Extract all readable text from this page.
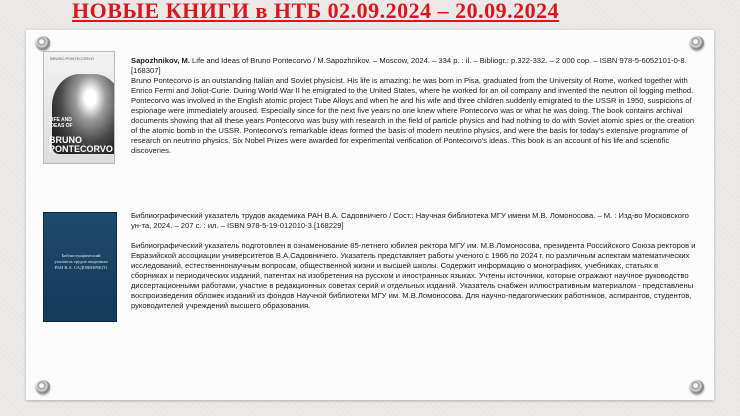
НОВЫЕ КНИГИ в НТБ 02.09.2024 – 20.09.2024
BRUNO PONTECORVO
LIFE AND IDEAS OF
BRUNO PONTECORVO

Sapozhnikov, M. Life and Ideas of Bruno Pontecorvo / M.Sapozhnikov. – Moscow, 2024. – 334 p. : il. – Bibliogr.: p.322-332. – 2 000 cop. – ISBN 978-5-6052101-0-8.[168307]

Bruno Pontecorvo is an outstanding Italian and Soviet physicist. His life is amazing: he was born in Pisa, graduated from the University of Rome, worked together with Enrico Fermi and Joliot-Curie. During World War II he emigrated to the United States, where he worked for an oil company and invented the neutron oil logging method. Pontecorvo was involved in the English atomic project Tube Alloys and when he and his wife and three children suddenly emigrated to the USSR in 1950, suspicions of espionage were immediately aroused. Especially since for the next five years no one knew where Pontecorvo was or what he was doing. The book contains archival documents showing that all these years Pontecorvo was busy with research in the field of particle physics and had nothing to do with Soviet atomic spies or the creation of the atomic bomb in the USSR. Pontecorvo's remarkable ideas formed the basis of modern neutrino physics, and were the basis for today's extensive programme of research on neutrino physics. Six Nobel Prizes were awarded for experimental verification of Pontecorvo's ideas. This book is an account of his life and scientific discoveries.

Библиографический указатель трудов академика РАН В.А. САДОВНИЧЕГО

Библиографический указатель трудов академика РАН В.А. Садовничего / Сост.: Научная библиотека МГУ имени М.В. Ломоносова. – М. : Изд-во Московского ун-та, 2024. – 207 с. : ил. – ISBN 978-5-19-012010-3.[168229]

Библиографический указатель подготовлен в ознаменование 85-летнего юбилея ректора МГУ им. М.В.Ломоносова, президента Российского Союза ректоров и Евразийской ассоциации университетов В.А.Садовничего. Указатель представляет работы ученого с 1966 по 2024 г. по различным аспектам математических исследований, естественнонаучным вопросам, общественной жизни и высшей школы. Содержит информацию о монографиях, учебниках, статьях в сборниках и периодических изданий, патентах на изобретения на русском и иностранных языках. Учтены источники, которые отражают научное руководство диссертационными работами, участие в редакционных советах серий и отдельных изданий. Указатель снабжен иллюстративным материалом - представлены воспроизведения обложек изданий из фондов Научной библиотеки МГУ им. М.В.Ломоносова. Для научно-педагогических работников, аспирантов, студентов, руководителей учреждений высшего образования.
